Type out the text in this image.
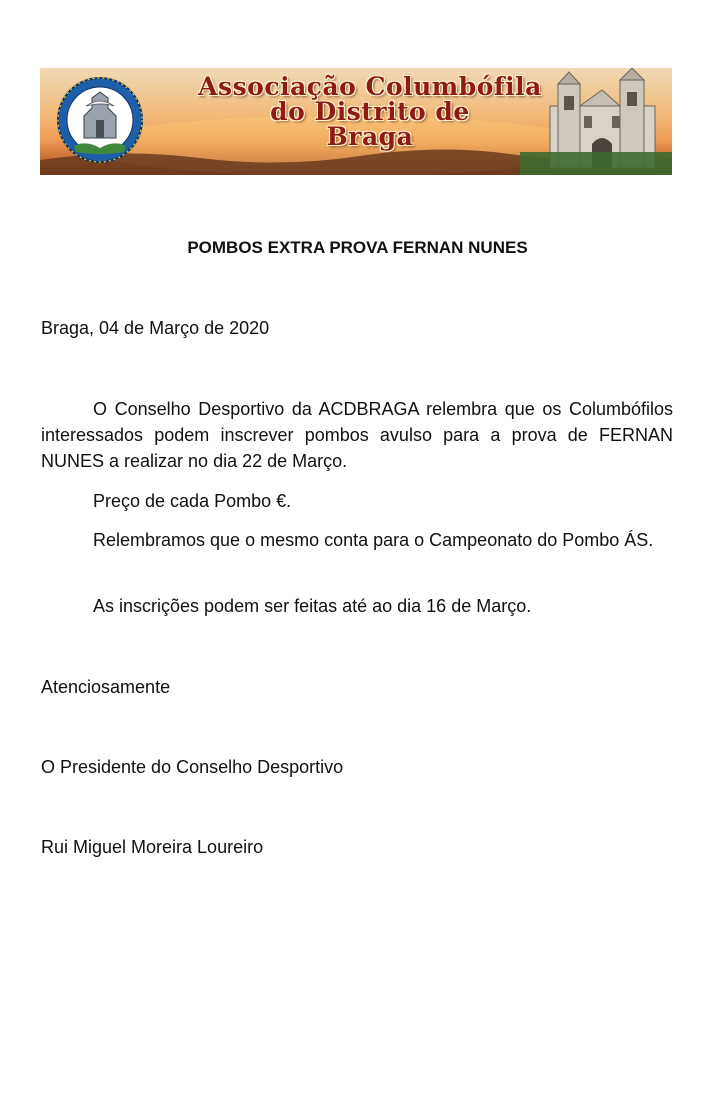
Associação Columbófila
do Distrito de
Braga
POMBOS EXTRA PROVA FERNAN NUNES
Braga, 04 de Março de 2020
O Conselho Desportivo da ACDBRAGA relembra que os Columbófilos interessados podem inscrever pombos avulso para a prova de FERNAN NUNES a realizar no dia 22 de Março.
Preço de cada Pombo €.
Relembramos que o mesmo conta para o Campeonato do Pombo ÁS.
As inscrições podem ser feitas até ao dia 16 de Março.
Atenciosamente
O Presidente do Conselho Desportivo
Rui Miguel Moreira Loureiro
